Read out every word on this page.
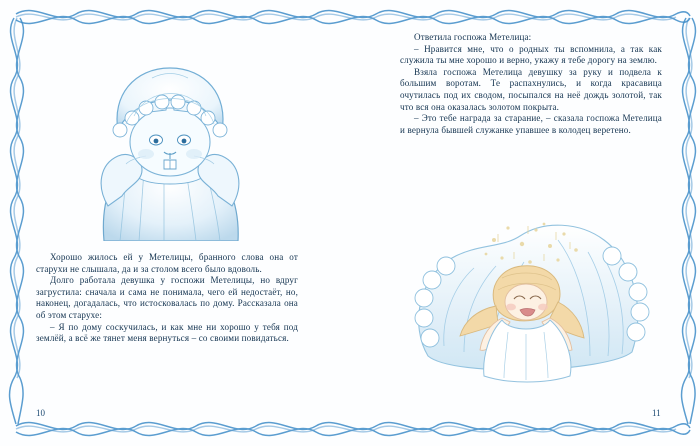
Хорошо жилось ей у Метелицы, бранного слова она от старухи не слышала, да и за столом всего было вдоволь.

Долго работала девушка у госпожи Метелицы, но вдруг загрустила: сначала и сама не понимала, чего ей недостаёт, но, наконец, догадалась, что истосковалась по дому. Рассказала она об этом старухе:

– Я по дому соскучилась, и как мне ни хорошо у тебя под землёй, а всё же тянет меня вернуться – со своими повидаться.

Ответила госпожа Метелица:

– Нравится мне, что о родных ты вспомнила, а так как служила ты мне хорошо и верно, укажу я тебе дорогу на землю.

Взяла госпожа Метелица девушку за руку и подвела к большим воротам. Те распахнулись, и когда красавица очутилась под их сводом, посыпался на неё дождь золотой, так что вся она оказалась золотом покрыта.

– Это тебе награда за старание, – сказала госпожа Метелица и вернула бывшей служанке упавшее в колодец веретено.

10	11
